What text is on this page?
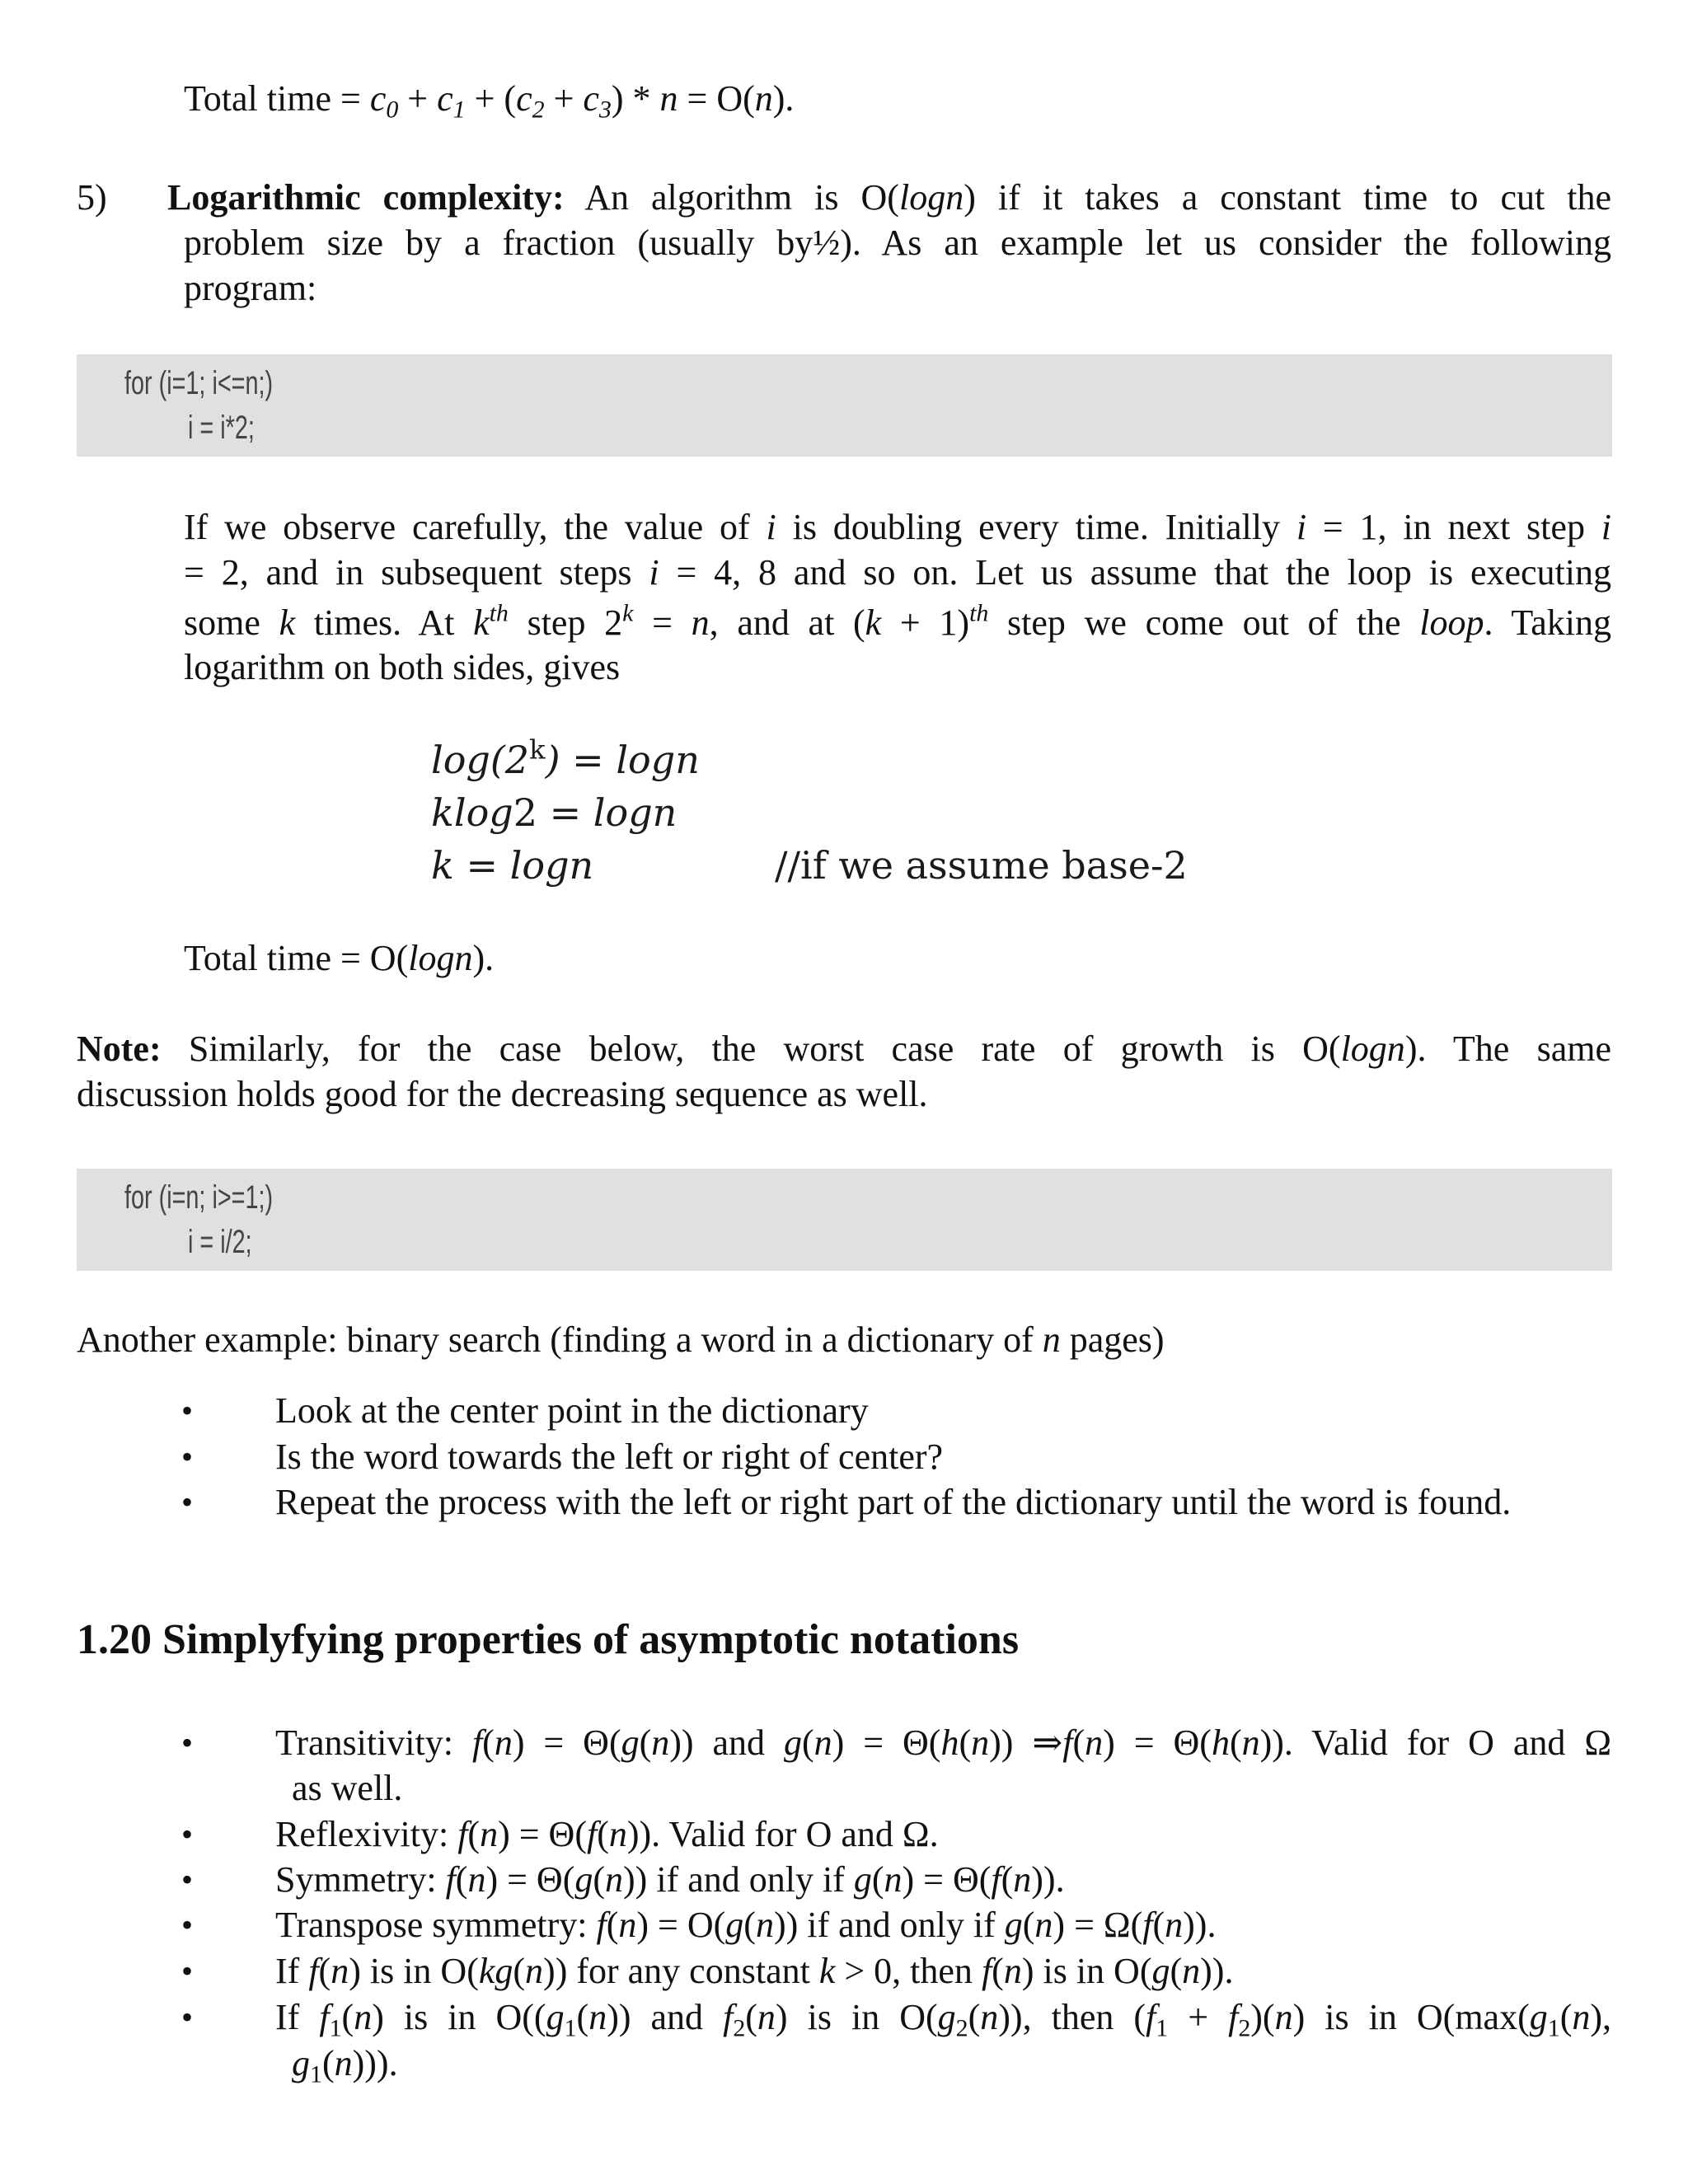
Total time = $c_0 + c_1 + (c_2 + c_3) * n = O(n)$.
5) Logarithmic complexity: An algorithm is O(logn) if it takes a constant time to cut the
problem size by a fraction (usually by½). As an example let us consider the following
program:
for (i=1; i<=n;)
i = i*2;
If we observe carefully, the value of i is doubling every time. Initially i = 1, in next step i
= 2, and in subsequent steps i = 4, 8 and so on. Let us assume that the loop is executing
some k times. At $k^{th}$ step $2^k = n$, and at $(k + 1)^{th}$ step we come out of the loop. Taking
logarithm on both sides, gives
$\log(2^k) = \log n$
klog2 = logn
k = logn	//if we assume base-2
Total time = O(logn).
Note: Similarly, for the case below, the worst case rate of growth is O(logn). The same
discussion holds good for the decreasing sequence as well.
for (i=n; i>=1;)
i = i/2;
Another example: binary search (finding a word in a dictionary of n pages)
• Look at the center point in the dictionary
• Is the word towards the left or right of center?
• Repeat the process with the left or right part of the dictionary until the word is found.
1.20 Simplyfying properties of asymptotic notations
• Transitivity: f(n) = Θ(g(n)) and g(n) = Θ(h(n)) ⇒f(n) = Θ(h(n)). Valid for O and Ω
as well.
• Reflexivity: f(n) = Θ(f(n)). Valid for O and Ω.
• Symmetry: f(n) = Θ(g(n)) if and only if g(n) = Θ(f(n)).
• Transpose symmetry: f(n) = O(g(n)) if and only if g(n) = Ω(f(n)).
• If f(n) is in O(kg(n)) for any constant k > 0, then f(n) is in O(g(n)).
• If $f_1(n)$ is in $O((g_1(n))$ and $f_2(n)$ is in $O(g_2(n))$, then $(f_1 + f_2)(n)$ is in $O(\max(g_1(n)$,
$g_1(n)$)).
